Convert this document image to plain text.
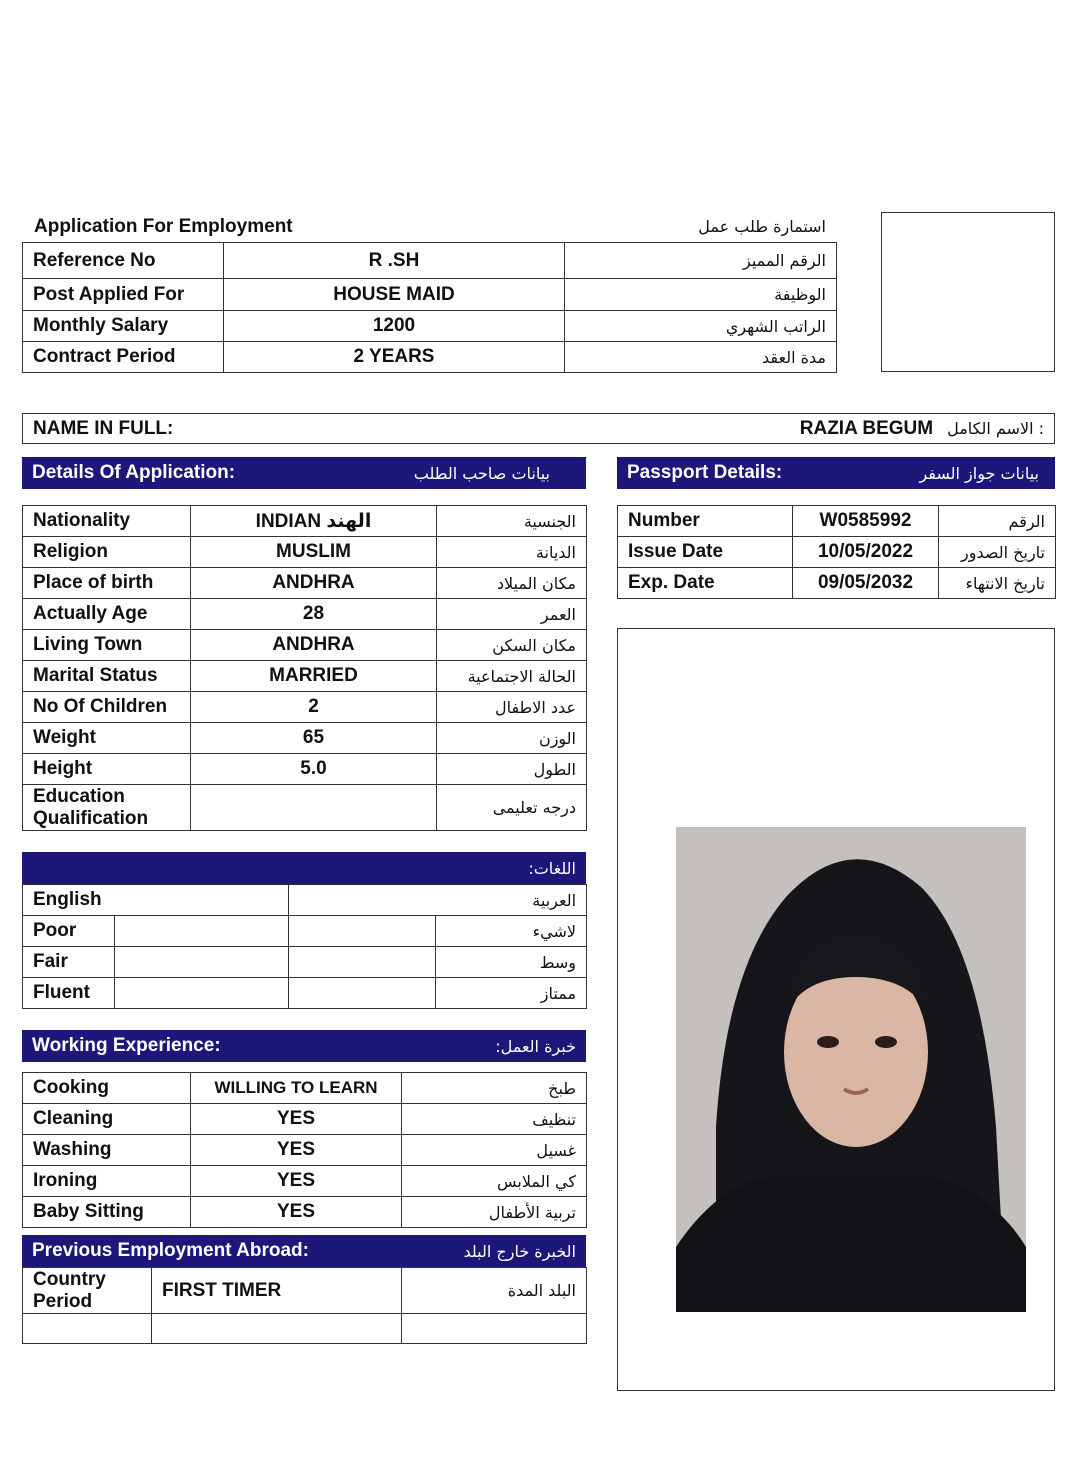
Application For Employment	استمارة طلب عمل
Reference No	R .SH	الرقم المميز
Post Applied For	HOUSE MAID	الوظيفة
Monthly Salary	1200	الراتب الشهري
Contract Period	2 YEARS	مدة العقد
NAME IN FULL:	RAZIA BEGUM : الاسم الكامل
Details Of Application:	بيانات صاحب الطلب
Nationality	INDIAN الهند	الجنسية
Religion	MUSLIM	الديانة
Place of birth	ANDHRA	مكان الميلاد
Actually Age	28	العمر
Living Town	ANDHRA	مكان السكن
Marital Status	MARRIED	الحالة الاجتماعية
No Of Children	2	عدد الاطفال
Weight	65	الوزن
Height	5.0	الطول

Education
Qualification		درجه تعليمى
Passport Details:	بيانات جواز السفر
Number	W0585992	الرقم
Issue Date	10/05/2022	تاريخ الصدور
Exp. Date	09/05/2032	تاريخ الانتهاء
اللغات:
English		العربية	
Poor			لاشيء
Fair			وسط
Fluent			ممتاز
Working Experience:	خبرة العمل:
Cooking	WILLING TO LEARN	طبخ
Cleaning	YES	تنظيف
Washing	YES	غسيل
Ironing	YES	كي الملابس
Baby Sitting	YES	تربية الأطفال
Previous Employment Abroad:	الخبرة خارج البلد
Country
Period	FIRST TIMER	البلد المدة
